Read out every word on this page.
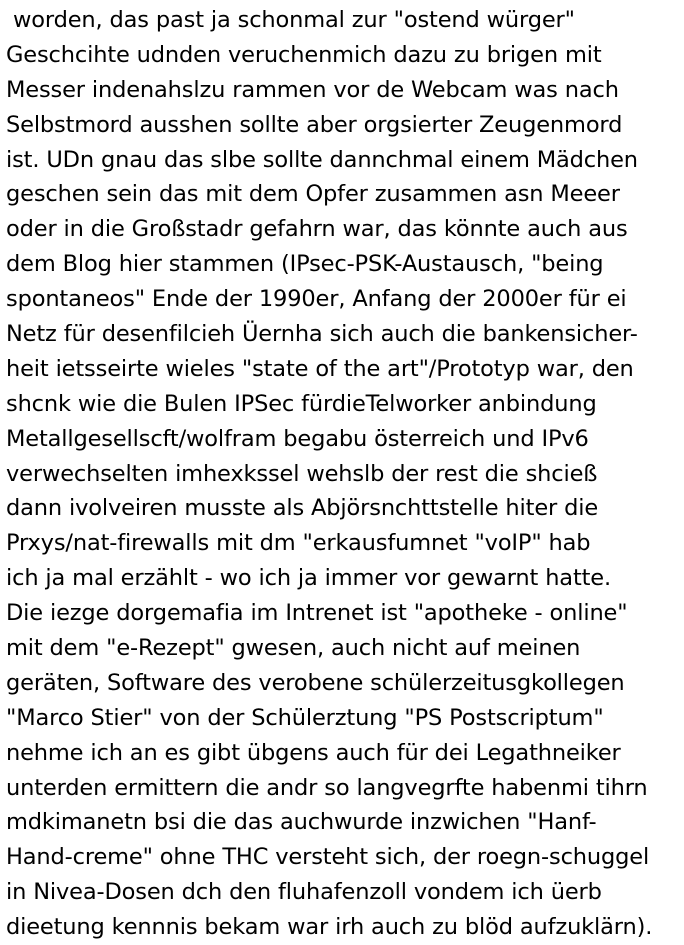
worden, das past ja schonmal zur "ostend würger"
Geschcihte udnden veruchenmich dazu zu brigen mit
Messer indenahslzu rammen vor de Webcam was nach
Selbstmord ausshen sollte aber orgsierter Zeugenmord
ist. UDn gnau das slbe sollte dannchmal einem Mädchen
geschen sein das mit dem Opfer zusammen asn Meeer
oder in die Großstadr gefahrn war, das könnte auch aus
dem Blog hier stammen (IPsec-PSK-Austausch, "being
spontaneos" Ende der 1990er, Anfang der 2000er für ei
Netz für desenfilcieh Üernha sich auch die bankensicher-
heit ietsseirte wieles "state of the art"/Prototyp war, den
shcnk wie die Bulen IPSec fürdieTelworker anbindung
Metallgesellscft/wolfram begabu österreich und IPv6
verwechselten imhexkssel wehslb der rest die shcieß
dann ivolveiren musste als Abjörsnchttstelle hiter die
Prxys/nat-firewalls mit dm "erkausfumnet "voIP" hab
ich ja mal erzählt - wo ich ja immer vor gewarnt hatte.
Die iezge dorgemafia im Intrenet ist "apotheke - online"
mit dem "e-Rezept" gwesen, auch nicht auf meinen
geräten, Software des verobene schülerzeitusgkollegen
"Marco Stier" von der Schülerztung "PS Postscriptum"
nehme ich an es gibt übgens auch für dei Legathneiker
unterden ermittern die andr so langvegrfte habenmi tihrn
mdkimanetn bsi die das auchwurde inzwichen "Hanf-
Hand-creme" ohne THC versteht sich, der roegn-schuggel
in Nivea-Dosen dch den fluhafenzoll vondem ich üerb
dieetung kennnis bekam war irh auch zu blöd aufzuklärn).
